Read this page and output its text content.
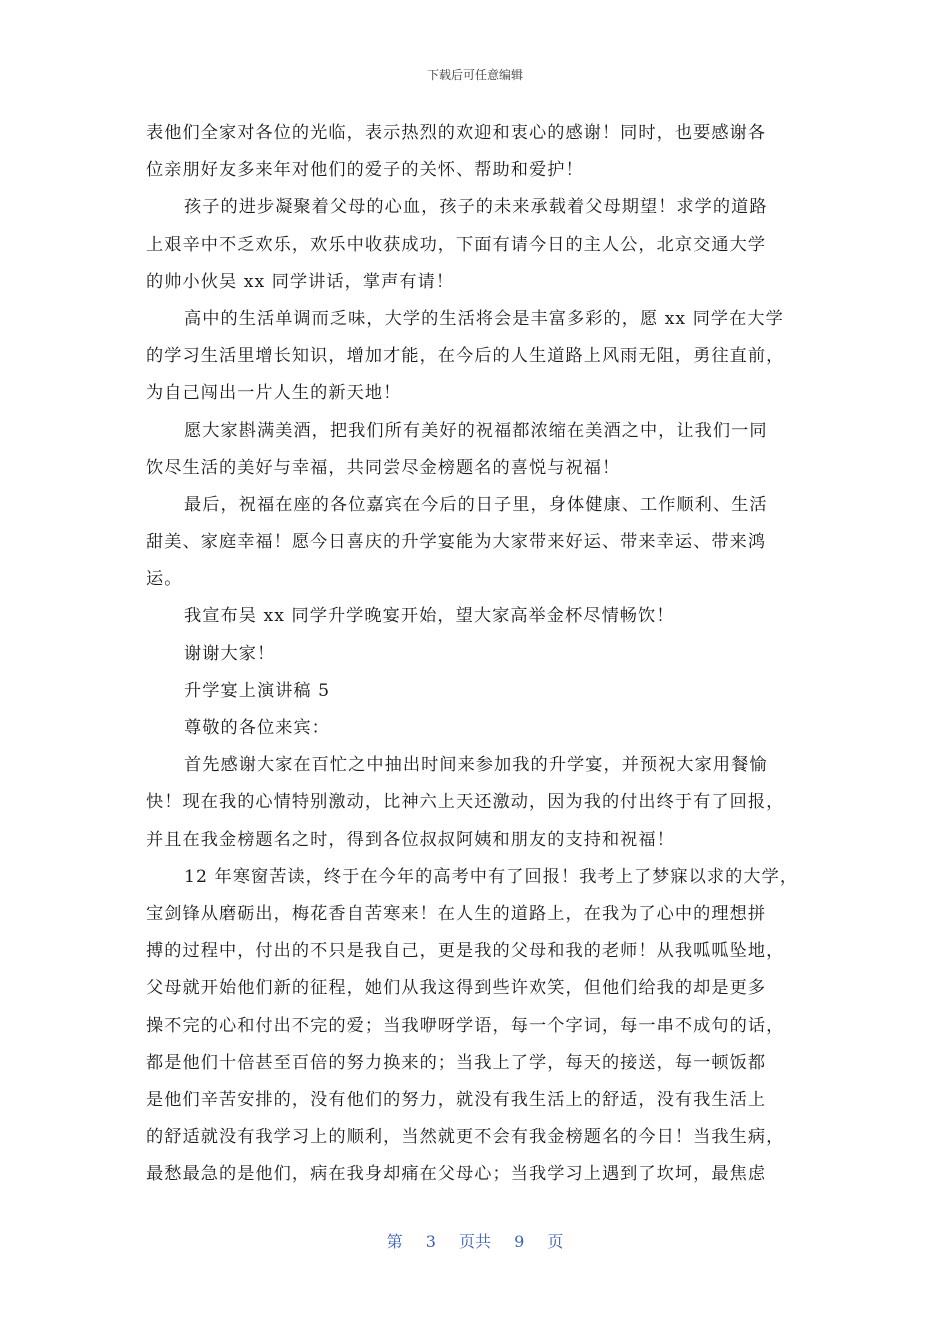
下载后可任意编辑
表他们全家对各位的光临，表示热烈的欢迎和衷心的感谢！同时，也要感谢各
位亲朋好友多来年对他们的爱子的关怀、帮助和爱护！
孩子的进步凝聚着父母的心血，孩子的未来承载着父母期望！求学的道路
上艰辛中不乏欢乐，欢乐中收获成功，下面有请今日的主人公，北京交通大学
的帅小伙吴 xx 同学讲话，掌声有请！
高中的生活单调而乏味，大学的生活将会是丰富多彩的，愿 xx 同学在大学
的学习生活里增长知识，增加才能，在今后的人生道路上风雨无阻，勇往直前，
为自己闯出一片人生的新天地！
愿大家斟满美酒，把我们所有美好的祝福都浓缩在美酒之中，让我们一同
饮尽生活的美好与幸福，共同尝尽金榜题名的喜悦与祝福！
最后，祝福在座的各位嘉宾在今后的日子里，身体健康、工作顺利、生活
甜美、家庭幸福！愿今日喜庆的升学宴能为大家带来好运、带来幸运、带来鸿
运。
我宣布吴 xx 同学升学晚宴开始，望大家高举金杯尽情畅饮！
谢谢大家！
升学宴上演讲稿 5
尊敬的各位来宾：
首先感谢大家在百忙之中抽出时间来参加我的升学宴，并预祝大家用餐愉
快！现在我的心情特别激动，比神六上天还激动，因为我的付出终于有了回报，
并且在我金榜题名之时，得到各位叔叔阿姨和朋友的支持和祝福！
12 年寒窗苦读，终于在今年的高考中有了回报！我考上了梦寐以求的大学，
宝剑锋从磨砺出，梅花香自苦寒来！在人生的道路上，在我为了心中的理想拼
搏的过程中，付出的不只是我自己，更是我的父母和我的老师！从我呱呱坠地，
父母就开始他们新的征程，她们从我这得到些许欢笑，但他们给我的却是更多
操不完的心和付出不完的爱；当我咿呀学语，每一个字词，每一串不成句的话，
都是他们十倍甚至百倍的努力换来的；当我上了学，每天的接送，每一顿饭都
是他们辛苦安排的，没有他们的努力，就没有我生活上的舒适，没有我生活上
的舒适就没有我学习上的顺利，当然就更不会有我金榜题名的今日！当我生病，
最愁最急的是他们，病在我身却痛在父母心；当我学习上遇到了坎坷，最焦虑
第 3 页共 9 页
